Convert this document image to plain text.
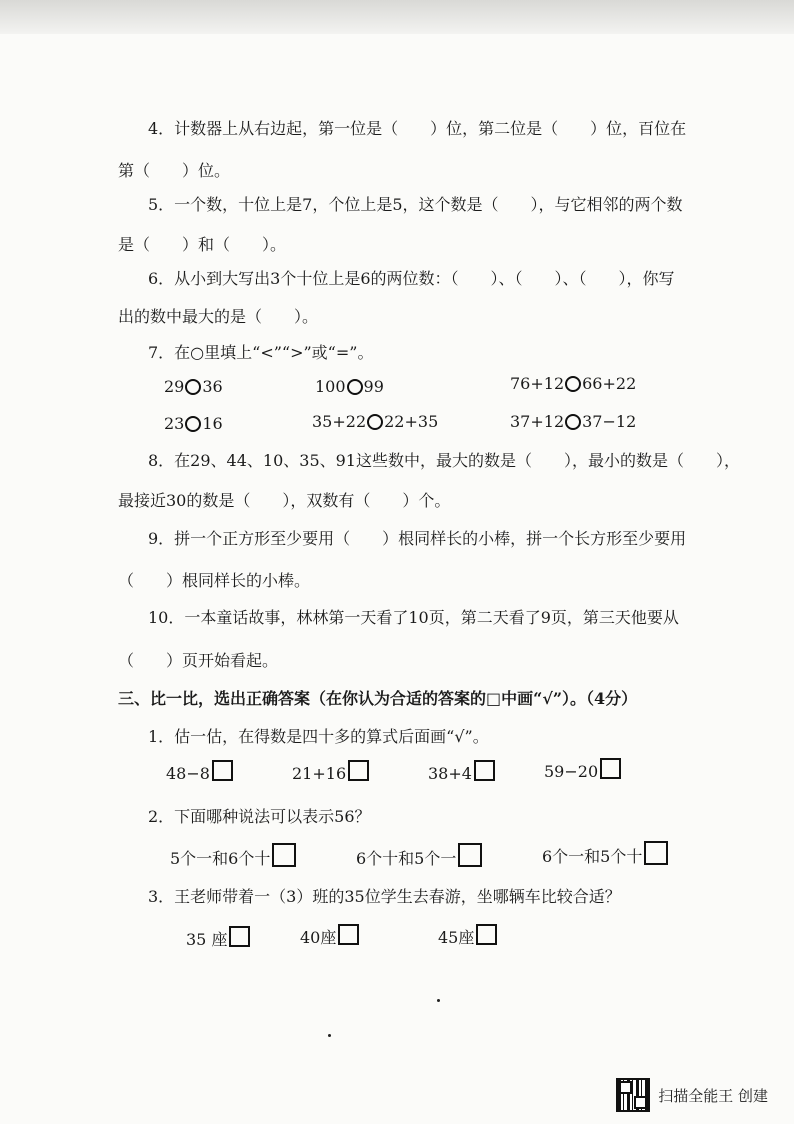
4．计数器上从右边起，第一位是（　　）位，第二位是（　　）位，百位在
第（　　）位。
5．一个数，十位上是7，个位上是5，这个数是（　　），与它相邻的两个数
是（　　）和（　　）。
6．从小到大写出3个十位上是6的两位数：（　　）、（　　）、（　　），你写
出的数中最大的是（　　）。
7．在○里填上“<”“>”或“=”。
29 36	100 99	76+12 66+22
23 16	35+22 22+35	37+12 37−12
8．在29、44、10、35、91这些数中，最大的数是（　　），最小的数是（　　），
最接近30的数是（　　），双数有（　　）个。
9．拼一个正方形至少要用（　　）根同样长的小棒，拼一个长方形至少要用
（　　）根同样长的小棒。
10．一本童话故事，林林第一天看了10页，第二天看了9页，第三天他要从
（　　）页开始看起。
三、比一比，选出正确答案（在你认为合适的答案的□中画“√”）。（4分）
1．估一估，在得数是四十多的算式后面画“√”。
48−8	21+16	38+4	59−20
2．下面哪种说法可以表示56？
5个一和6个十	6个十和5个一	6个一和5个十
3．王老师带着一（3）班的35位学生去春游，坐哪辆车比较合适？
35 座	40座	45座
扫描全能王 创建
